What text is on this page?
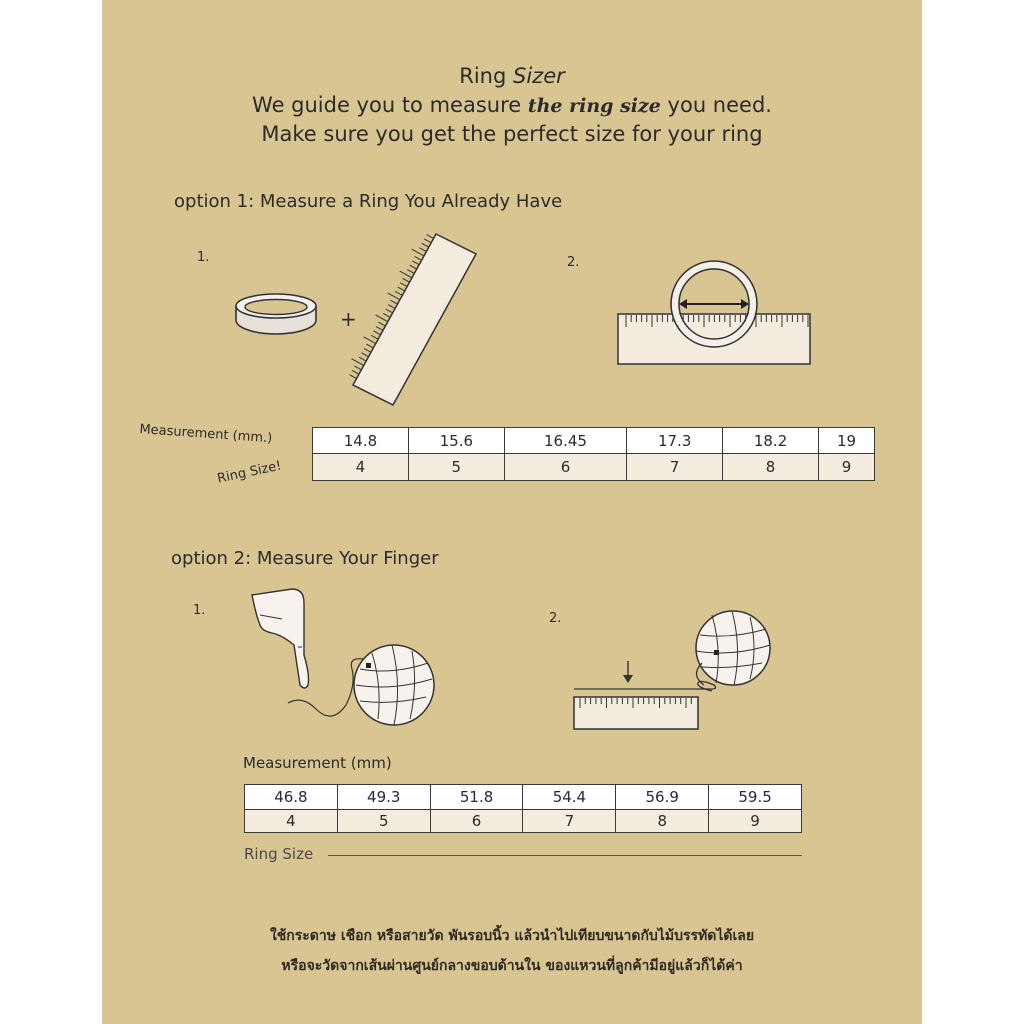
Ring Sizer
We guide you to measure the ring size you need.
Make sure you get the perfect size for your ring
option 1: Measure a Ring You Already Have
1.	2.
+
Measurement (mm.)
Ring Size!
14.8	15.6	16.45	17.3	18.2	19
4	5	6	7	8	9
option 2: Measure Your Finger
1.
2.
Measurement (mm)
46.8	49.3	51.8	54.4	56.9	59.5
4	5	6	7	8	9
Ring Size
ใช้กระดาษ เชือก หรือสายวัด พันรอบนิ้ว แล้วนำไปเทียบขนาดกับไม้บรรทัดได้เลย
หรือจะวัดจากเส้นผ่านศูนย์กลางขอบด้านใน ของแหวนที่ลูกค้ามีอยู่แล้วก็ได้ค่า
